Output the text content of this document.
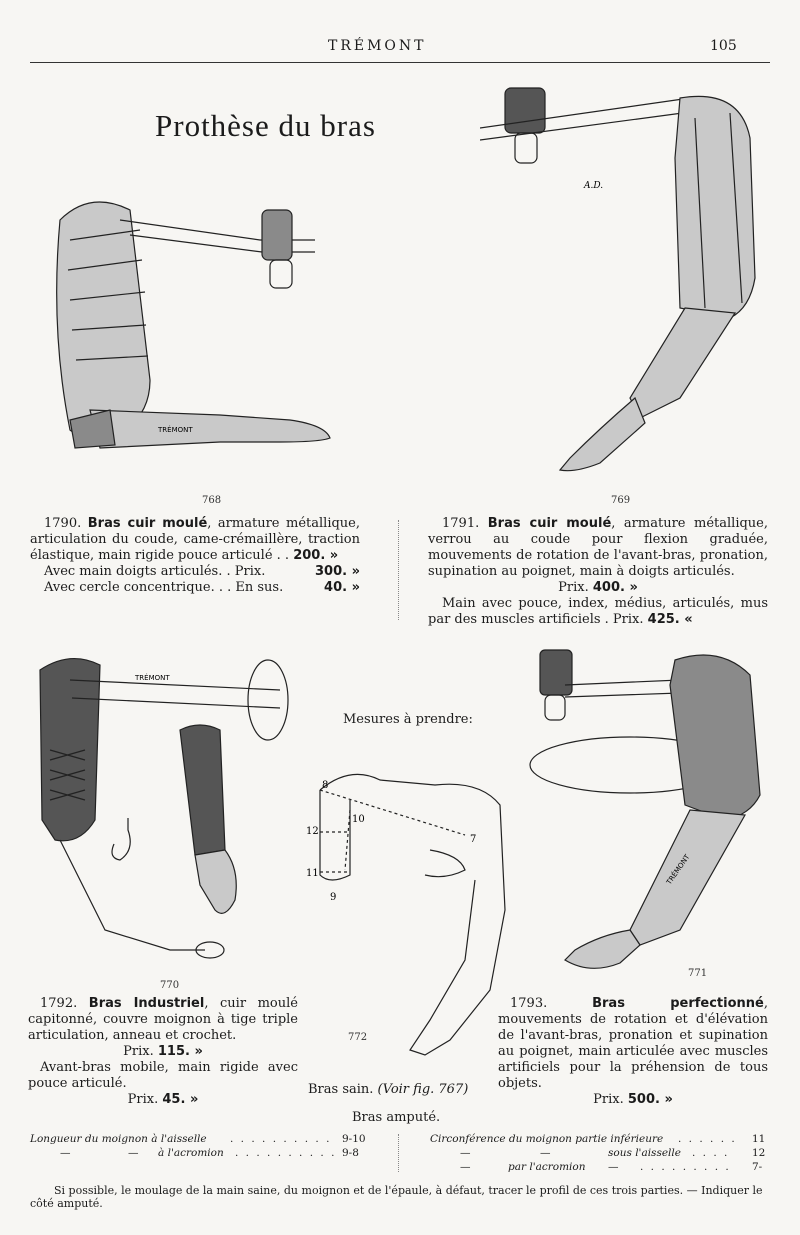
TRÉMONT	105
Prothèse du bras
TRÉMONT
768
A.D.
769
1790. Bras cuir moulé, armature métallique, articulation du coude, came-crémaillère, traction élastique, main rigide pouce articulé . . 200. »
Avec main doigts articulés. . Prix.	300. »
Avec cercle concentrique. . . En sus.	40. »
1791. Bras cuir moulé, armature métallique, verrou au coude pour flexion graduée, mouvements de rotation de l'avant-bras, pronation, supination au poignet, main à doigts articulés.
Prix. 400. »
Main avec pouce, index, médius, articulés, mus par des muscles artificiels . Prix. 425. «
TRÉMONT
770
Mesures à prendre:
8
10
12
7
11
9
772
TRÉMONT
771
1792. Bras Industriel, cuir moulé capitonné, couvre moignon à tige triple articulation, anneau et crochet.
Prix. 115. »
Avant-bras mobile, main rigide avec pouce articulé.
Prix. 45. »
Bras sain. (Voir fig. 767)
1793.	Bras perfectionné, mouvements de rotation et d'élévation de l'avant-bras, pronation et supination au poignet, main articulée avec muscles artificiels pour la préhension de tous objets.
Prix. 500. »
Bras amputé.
Longueur du moignon à l'aisselle . . . . . . . . . . 9-10
—	— à l'acromion . . . . . . . . . . 9-8
Circonférence du moignon partie inférieure . . . . . . 11
—	—	sous l'aisselle . . . . 12
—	par l'acromion — . . . . . . . . . 7-
Si possible, le moulage de la main saine, du moignon et de l'épaule, à défaut, tracer le profil de ces trois parties. — Indiquer le côté amputé.
